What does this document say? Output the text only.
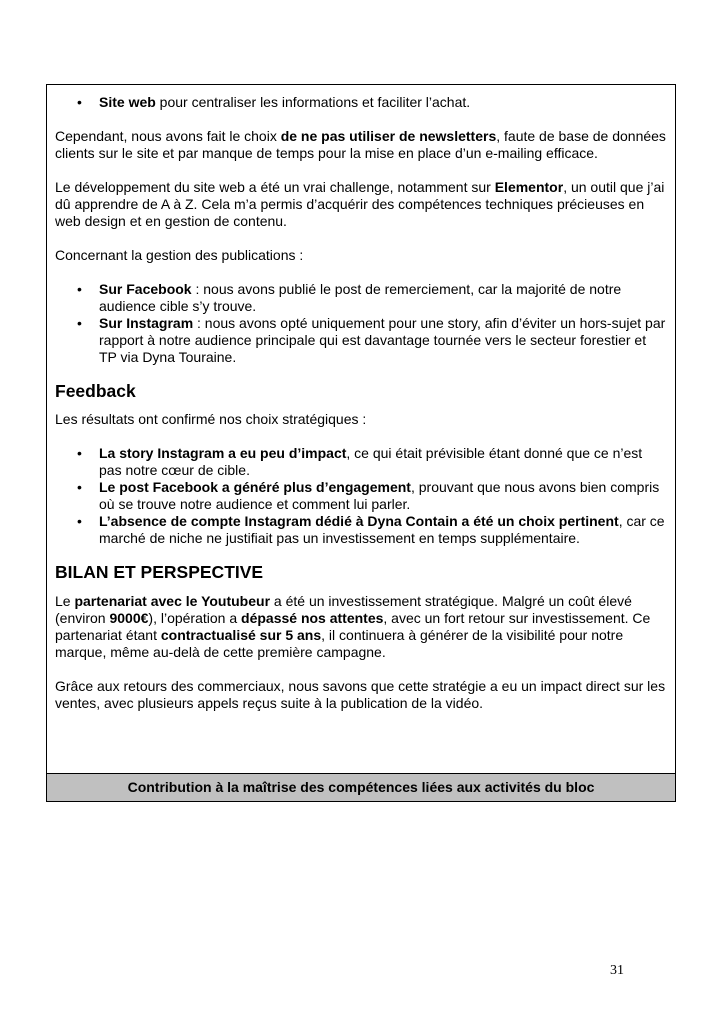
• Site web pour centraliser les informations et faciliter l’achat.

Cependant, nous avons fait le choix de ne pas utiliser de newsletters, faute de base de données clients sur le site et par manque de temps pour la mise en place d’un e-mailing efficace.

Le développement du site web a été un vrai challenge, notamment sur Elementor, un outil que j’ai dû apprendre de A à Z. Cela m’a permis d’acquérir des compétences techniques précieuses en web design et en gestion de contenu.

Concernant la gestion des publications :

• Sur Facebook : nous avons publié le post de remerciement, car la majorité de notre audience cible s’y trouve.
• Sur Instagram : nous avons opté uniquement pour une story, afin d’éviter un hors-sujet par rapport à notre audience principale qui est davantage tournée vers le secteur forestier et TP via Dyna Touraine.
Feedback

Les résultats ont confirmé nos choix stratégiques :

• La story Instagram a eu peu d’impact, ce qui était prévisible étant donné que ce n’est pas notre cœur de cible.
• Le post Facebook a généré plus d’engagement, prouvant que nous avons bien compris où se trouve notre audience et comment lui parler.
• L’absence de compte Instagram dédié à Dyna Contain a été un choix pertinent, car ce marché de niche ne justifiait pas un investissement en temps supplémentaire.
BILAN ET PERSPECTIVE

Le partenariat avec le Youtubeur a été un investissement stratégique. Malgré un coût élevé (environ 9000€), l’opération a dépassé nos attentes, avec un fort retour sur investissement. Ce partenariat étant contractualisé sur 5 ans, il continuera à générer de la visibilité pour notre marque, même au-delà de cette première campagne.

Grâce aux retours des commerciaux, nous savons que cette stratégie a eu un impact direct sur les ventes, avec plusieurs appels reçus suite à la publication de la vidéo.

Contribution à la maîtrise des compétences liées aux activités du bloc
31
